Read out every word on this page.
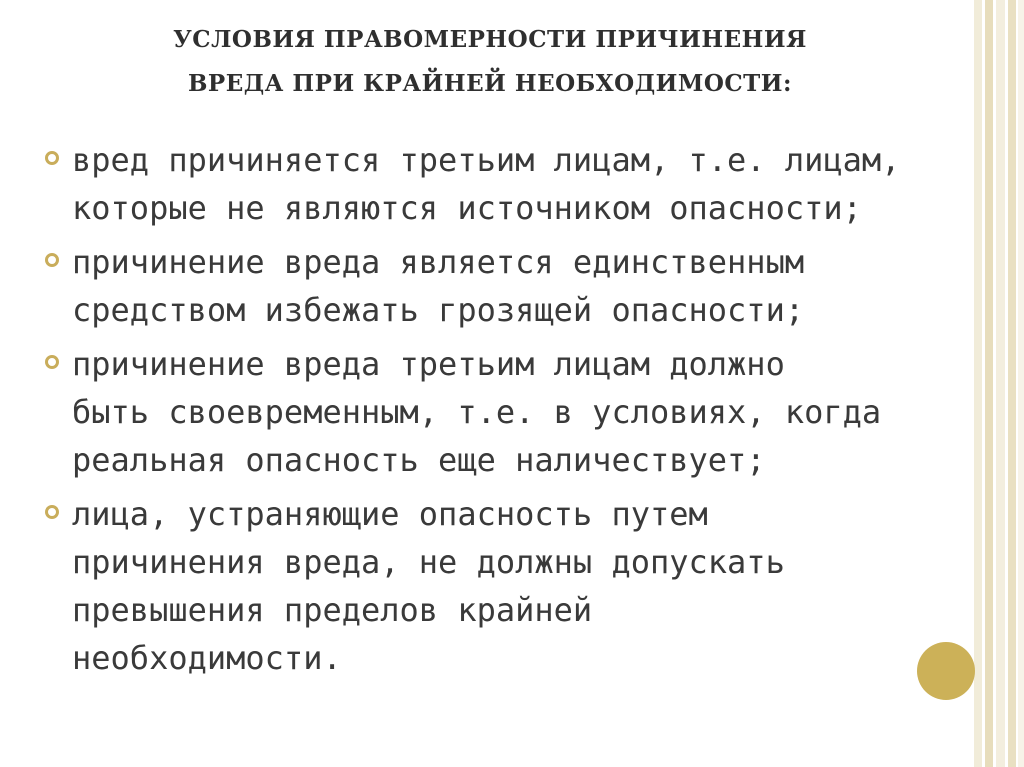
УСЛОВИЯ ПРАВОМЕРНОСТИ ПРИЧИНЕНИЯ
ВРЕДА ПРИ КРАЙНЕЙ НЕОБХОДИМОСТИ:
вред причиняется третьим лицам, т.е. лицам,
которые не являются источником опасности;
причинение вреда является единственным
средством избежать грозящей опасности;
причинение вреда третьим лицам должно
быть своевременным, т.е. в условиях, когда
реальная опасность еще наличествует;
лица, устраняющие опасность путем
причинения вреда, не должны допускать
превышения пределов крайней
необходимости.
